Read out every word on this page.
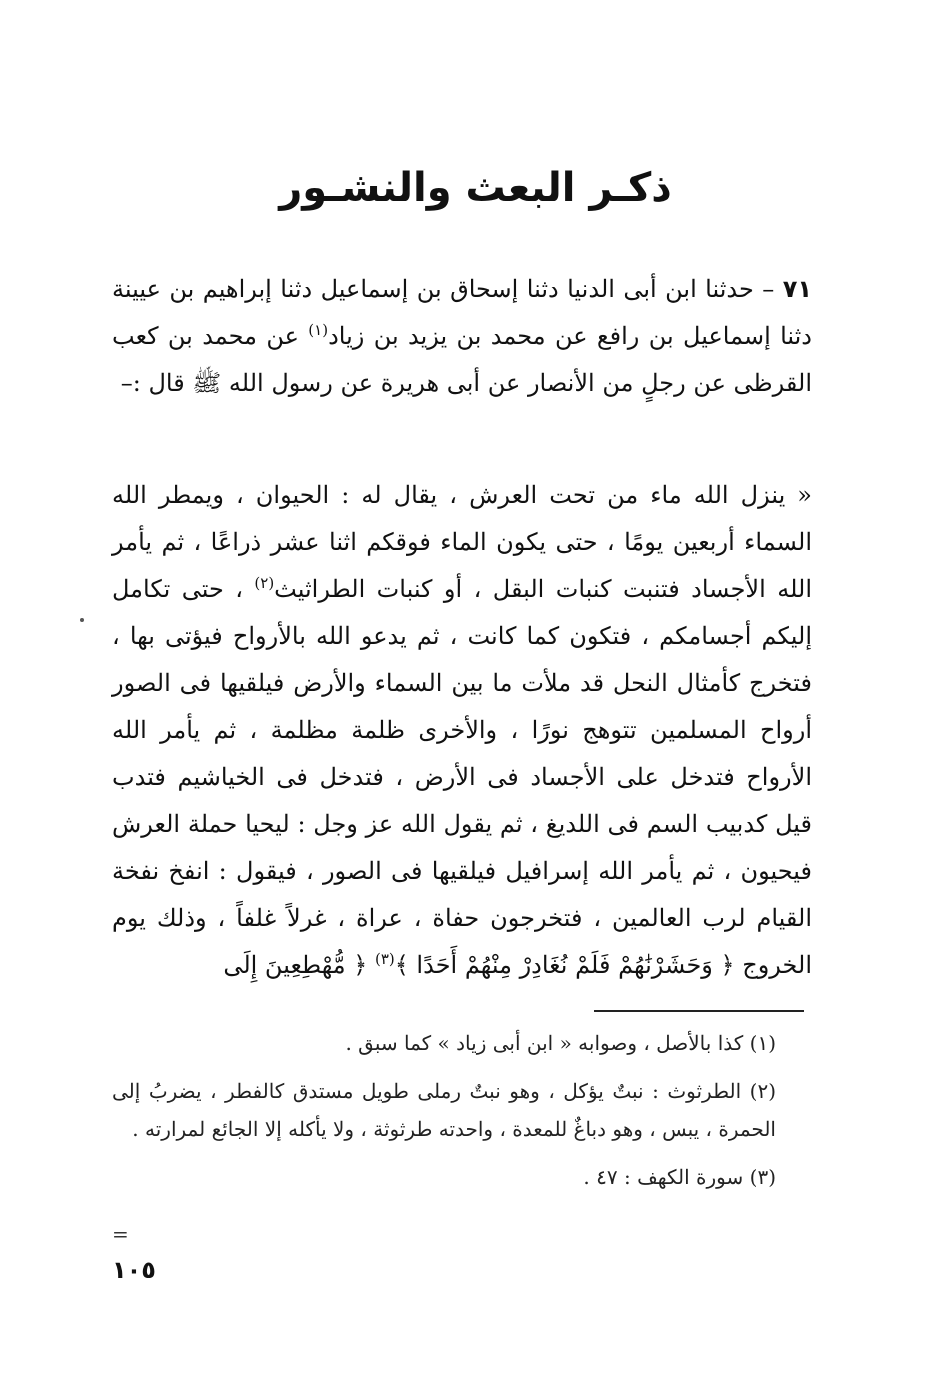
ذكـر البعث والنشـور
٧١ – حدثنا ابن أبى الدنيا دثنا إسحاق بن إسماعيل دثنا إبراهيم بن عيينة دثنا إسماعيل بن رافع عن محمد بن يزيد بن زياد$^{(١)}$ عن محمد بن كعب القرظى عن رجلٍ من الأنصار عن أبى هريرة عن رسول الله ﷺ قال :–
« ينزل الله ماء من تحت العرش ، يقال له : الحيوان ، ويمطر الله السماء أربعين يومًا ، حتى يكون الماء فوقكم اثنا عشر ذراعًا ، ثم يأمر الله الأجساد فتنبت كنبات البقل ، أو كنبات الطراثيث$^{(٢)}$ ، حتى تكامل إليكم أجسامكم ، فتكون كما كانت ، ثم يدعو الله بالأرواح فيؤتى بها ، فتخرج كأمثال النحل قد ملأت ما بين السماء والأرض فيلقيها فى الصور أرواح المسلمين تتوهج نورًا ، والأخرى ظلمة مظلمة ، ثم يأمر الله الأرواح فتدخل على الأجساد فى الأرض ، فتدخل فى الخياشيم فتدب قيل كدبيب السم فى اللديغ ، ثم يقول الله عز وجل : ليحيا حملة العرش فيحيون ، ثم يأمر الله إسرافيل فيلقيها فى الصور ، فيقول : انفخ نفخة القيام لرب العالمين ، فتخرجون حفاة ، عراة ، غرلاً غلفاً ، وذلك يوم الخروج ﴿ وَحَشَرْنَٰهُمْ فَلَمْ نُغَادِرْ مِنْهُمْ أَحَدًا ﴾$^{(٣)}$ ﴿ مُّهْطِعِينَ إِلَى

(١) كذا بالأصل ، وصوابه « ابن أبى زياد » كما سبق .

(٢) الطرثوث : نبتٌ يؤكل ، وهو نبتٌ رملى طويل مستدق كالفطر ، يضربُ إلى الحمرة ، يبس ، وهو دباغٌ للمعدة ، واحدته طرثوثة ، ولا يأكله إلا الجائع لمرارته .

(٣) سورة الكهف : ٤٧ .

=
١٠٥
